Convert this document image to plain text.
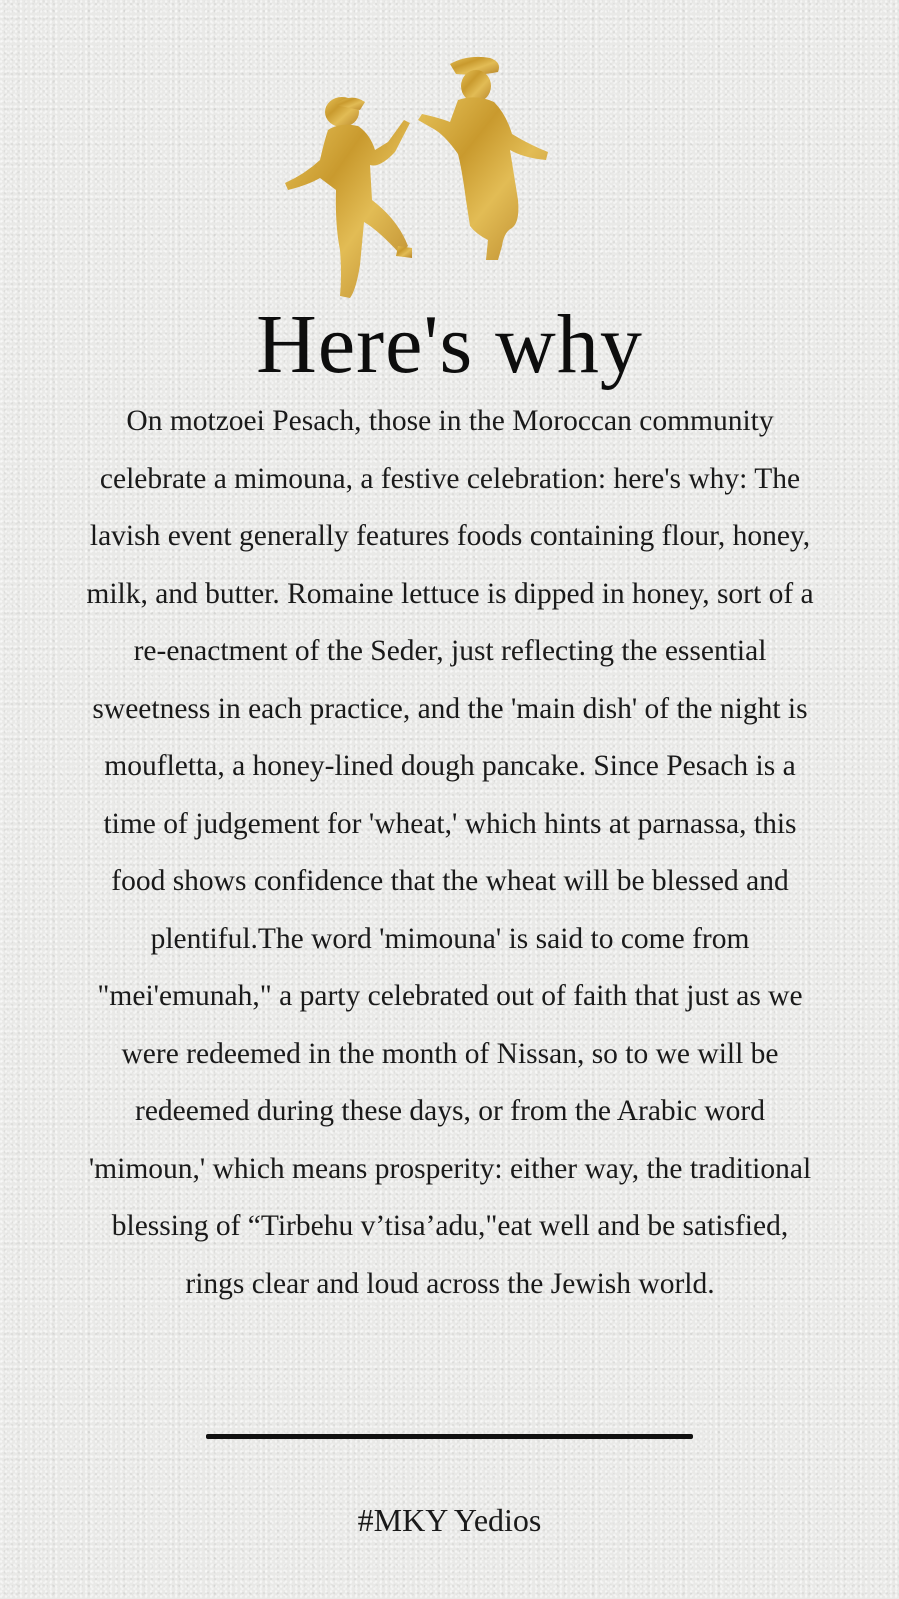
Here's why
On motzoei Pesach, those in the Moroccan community celebrate a mimouna, a festive celebration: here's why: The lavish event generally features foods containing flour, honey, milk, and butter. Romaine lettuce is dipped in honey, sort of a re-enactment of the Seder, just reflecting the essential sweetness in each practice, and the 'main dish' of the night is moufletta, a honey-lined dough pancake. Since Pesach is a time of judgement for 'wheat,' which hints at parnassa, this food shows confidence that the wheat will be blessed and plentiful.The word 'mimouna' is said to come from "mei'emunah," a party celebrated out of faith that just as we were redeemed in the month of Nissan, so to we will be redeemed during these days, or from the Arabic word 'mimoun,' which means prosperity: either way, the traditional blessing of “Tirbehu v’tisa’adu,"eat well and be satisfied, rings clear and loud across the Jewish world.
#MKY Yedios
